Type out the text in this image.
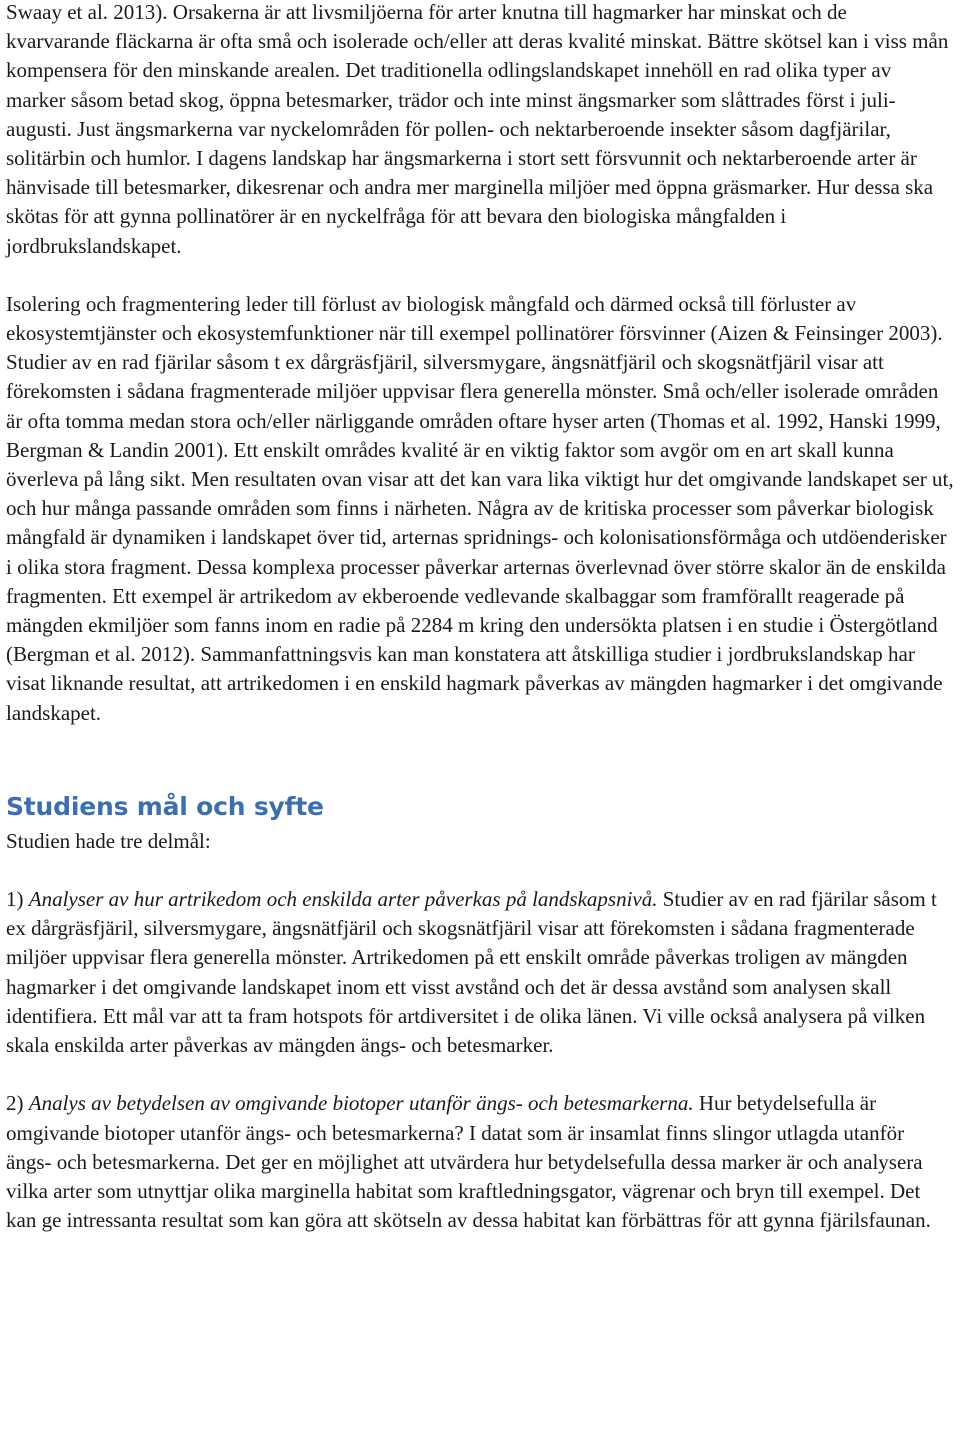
Swaay et al. 2013). Orsakerna är att livsmiljöerna för arter knutna till hagmarker har minskat och de kvarvarande fläckarna är ofta små och isolerade och/eller att deras kvalité minskat. Bättre skötsel kan i viss mån kompensera för den minskande arealen. Det traditionella odlingslandskapet innehöll en rad olika typer av marker såsom betad skog, öppna betesmarker, trädor och inte minst ängsmarker som slåttrades först i juli-augusti. Just ängsmarkerna var nyckelområden för pollen- och nektarberoende insekter såsom dagfjärilar, solitärbin och humlor. I dagens landskap har ängsmarkerna i stort sett försvunnit och nektarberoende arter är hänvisade till betesmarker, dikesrenar och andra mer marginella miljöer med öppna gräsmarker. Hur dessa ska skötas för att gynna pollinatörer är en nyckelfråga för att bevara den biologiska mångfalden i jordbrukslandskapet.

Isolering och fragmentering leder till förlust av biologisk mångfald och därmed också till förluster av ekosystemtjänster och ekosystemfunktioner när till exempel pollinatörer försvinner (Aizen & Feinsinger 2003). Studier av en rad fjärilar såsom t ex dårgräsfjäril, silversmygare, ängsnätfjäril och skogsnätfjäril visar att förekomsten i sådana fragmenterade miljöer uppvisar flera generella mönster. Små och/eller isolerade områden är ofta tomma medan stora och/eller närliggande områden oftare hyser arten (Thomas et al. 1992, Hanski 1999, Bergman & Landin 2001). Ett enskilt områdes kvalité är en viktig faktor som avgör om en art skall kunna överleva på lång sikt. Men resultaten ovan visar att det kan vara lika viktigt hur det omgivande landskapet ser ut, och hur många passande områden som finns i närheten. Några av de kritiska processer som påverkar biologisk mångfald är dynamiken i landskapet över tid, arternas spridnings- och kolonisationsförmåga och utdöenderisker i olika stora fragment. Dessa komplexa processer påverkar arternas överlevnad över större skalor än de enskilda fragmenten. Ett exempel är artrikedom av ekberoende vedlevande skalbaggar som framförallt reagerade på mängden ekmiljöer som fanns inom en radie på 2284 m kring den undersökta platsen i en studie i Östergötland (Bergman et al. 2012). Sammanfattningsvis kan man konstatera att åtskilliga studier i jordbrukslandskap har visat liknande resultat, att artrikedomen i en enskild hagmark påverkas av mängden hagmarker i det omgivande landskapet.

Studiens mål och syfte

Studien hade tre delmål:

1) Analyser av hur artrikedom och enskilda arter påverkas på landskapsnivå. Studier av en rad fjärilar såsom t ex dårgräsfjäril, silversmygare, ängsnätfjäril och skogsnätfjäril visar att förekomsten i sådana fragmenterade miljöer uppvisar flera generella mönster. Artrikedomen på ett enskilt område påverkas troligen av mängden hagmarker i det omgivande landskapet inom ett visst avstånd och det är dessa avstånd som analysen skall identifiera. Ett mål var att ta fram hotspots för artdiversitet i de olika länen. Vi ville också analysera på vilken skala enskilda arter påverkas av mängden ängs- och betesmarker.

2) Analys av betydelsen av omgivande biotoper utanför ängs- och betesmarkerna. Hur betydelsefulla är omgivande biotoper utanför ängs- och betesmarkerna? I datat som är insamlat finns slingor utlagda utanför ängs- och betesmarkerna. Det ger en möjlighet att utvärdera hur betydelsefulla dessa marker är och analysera vilka arter som utnyttjar olika marginella habitat som kraftledningsgator, vägrenar och bryn till exempel. Det kan ge intressanta resultat som kan göra att skötseln av dessa habitat kan förbättras för att gynna fjärilsfaunan.
